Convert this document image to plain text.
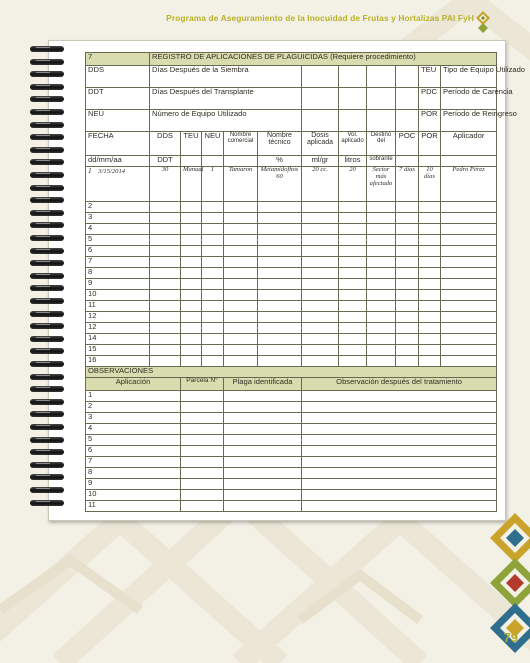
Programa de Aseguramiento de la Inocuidad de Frutas y Hortalizas PAI FyH
7	REGISTRO DE APLICACIONES DE PLAGUICIDAS (Requiere procedimiento)										
DDS	Días Después de la Siembra									TEU	Tipo de Equipo Utilizado
DDT	Días Después del Transplante									PDC	Período de Carencia
NEU	Número de Equipo Utilizado									POR	Período de Reingreso
FECHA	DDS	TEU	NEU	Nombre comercial	Nombre técnico	Dosis aplicada	Vol. aplicado	Destino del	POC	POR	Aplicador
dd/mm/aa	DDT				%	ml/gr	litros	sobrante			
1 3/15/2014	30	Manual	1	Tamaron	Metamidofhos 60	20 cc.	20	Sector más afectado	7 días	10 días	Pedro Pérez
2											
3											
4											
5											
6											
7											
8											
9											
10											
11											
12											
12											
14											
15											
16											
OBSERVACIONES											
Aplicación		Parcela N°		Plaga identificada		Observación después del tratamiento					
1											
2											
3											
4											
5											
6											
7											
8											
9											
10											
11											
79
